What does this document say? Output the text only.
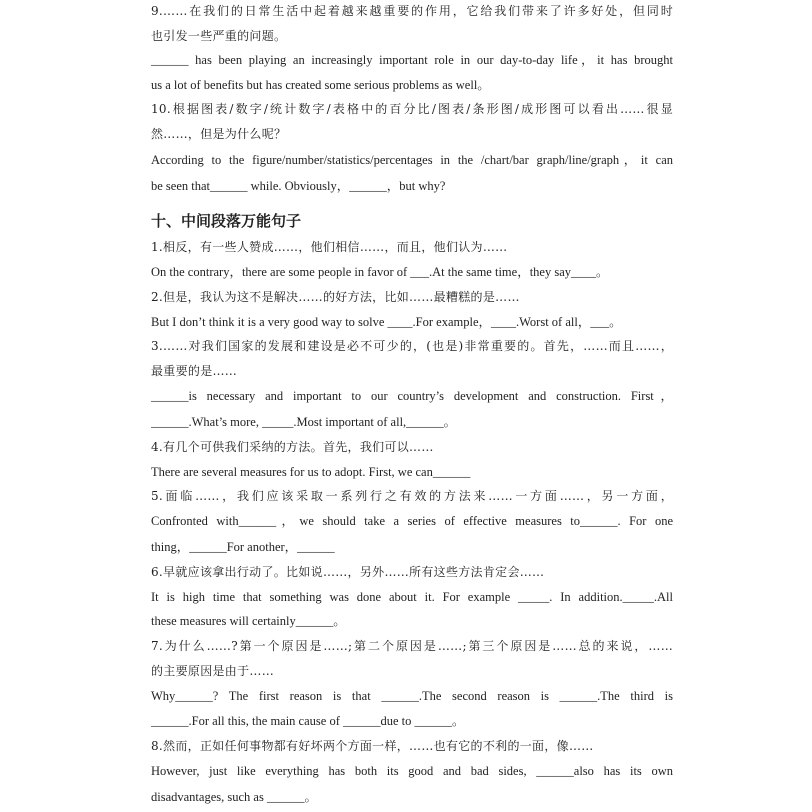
9.……在我们的日常生活中起着越来越重要的作用，它给我们带来了许多好处，但同时
也引发一些严重的问题。
______ has been playing an increasingly important role in our day-to-day life，it has brought
us a lot of benefits but has created some serious problems as well。
10.根据图表/数字/统计数字/表格中的百分比/图表/条形图/成形图可以看出……很显
然……，但是为什么呢？
According to the figure/number/statistics/percentages in the /chart/bar graph/line/graph，it can
be seen that______ while. Obviously，______，but why?
十、中间段落万能句子
1.相反，有一些人赞成……，他们相信……，而且，他们认为……
On the contrary，there are some people in favor of ___.At the same time，they say____。
2.但是，我认为这不是解决……的好方法，比如……最糟糕的是……
But I don’t think it is a very good way to solve ____.For example，____.Worst of all，___。
3.……对我们国家的发展和建设是必不可少的，(也是)非常重要的。首先，……而且……，
最重要的是……
______is necessary and important to our country’s development and construction. First，
______.What’s more, _____.Most important of all,______。
4.有几个可供我们采纳的方法。首先，我们可以……
There are several measures for us to adopt. First, we can______
5.面临……，我们应该采取一系列行之有效的方法来……一方面……，另一方面，
Confronted with______，we should take a series of effective measures to______. For one
thing，______For another，______
6.早就应该拿出行动了。比如说……，另外……所有这些方法肯定会……
It is high time that something was done about it. For example _____. In addition._____.All
these measures will certainly______。
7.为什么……?第一个原因是……;第二个原因是……;第三个原因是……总的来说，……
的主要原因是由于……
Why______? The first reason is that ______.The second reason is ______.The third is
______.For all this, the main cause of ______due to ______。
8.然而，正如任何事物都有好坏两个方面一样，……也有它的不利的一面，像……
However, just like everything has both its good and bad sides, ______also has its own
disadvantages, such as ______。
